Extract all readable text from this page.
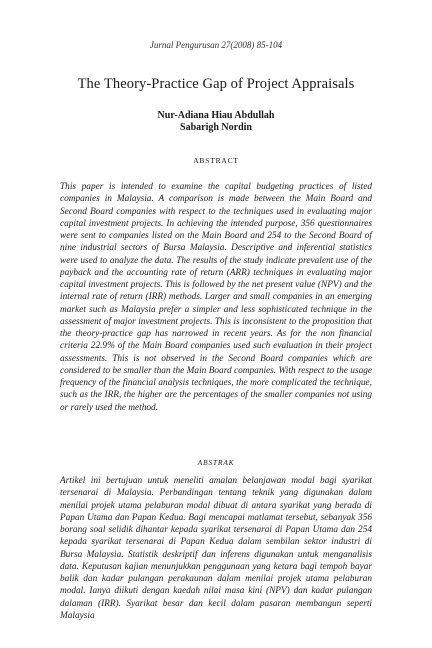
Jurnal Pengurusan 27(2008) 85-104
The Theory-Practice Gap of Project Appraisals
Nur-Adiana Hiau Abdullah
Sabarigh Nordin
ABSTRACT

This paper is intended to examine the capital budgeting practices of listed companies in Malaysia. A comparison is made between the Main Board and Second Board companies with respect to the techniques used in evaluating major capital investment projects. In achieving the intended purpose, 356 questionnaires were sent to companies listed on the Main Board and 254 to the Second Board of nine industrial sectors of Bursa Malaysia. Descriptive and inferential statistics were used to analyze the data. The results of the study indicate prevalent use of the payback and the accounting rate of return (ARR) techniques in evaluating major capital investment projects. This is followed by the net present value (NPV) and the internal rate of return (IRR) methods. Larger and small companies in an emerging market such as Malaysia prefer a simpler and less sophisticated technique in the assessment of major investment projects. This is inconsistent to the proposition that the theory-practice gap has narrowed in recent years. As for the non financial criteria 22.9% of the Main Board companies used such evaluation in their project assessments. This is not observed in the Second Board companies which are considered to be smaller than the Main Board companies. With respect to the usage frequency of the financial analysis techniques, the more complicated the technique, such as the IRR, the higher are the percentages of the smaller companies not using or rarely used the method.

ABSTRAK

Artikel ini bertujuan untuk meneliti amalan belanjawan modal bagi syarikat tersenarai di Malaysia. Perbandingan tentang teknik yang digunakan dalam menilai projek utama pelaburan modal dibuat di antara syarikat yang berada di Papan Utama dan Papan Kedua. Bagi mencapai matlamat tersebut, sebanyak 356 borang soal selidik dihantar kepada syarikat tersenarai di Papan Utama dan 254 kepada syarikat tersenarai di Papan Kedua dalam sembilan sektor industri di Bursa Malaysia. Statistik deskriptif dan inferens digunakan untuk menganalisis data. Keputusan kajian menunjukkan penggunaan yang ketara bagi tempoh bayar balik dan kadar pulangan perakaunan dalam menilai projek utama pelaburan modal. Ianya diikuti dengan kaedah nilai masa kini (NPV) dan kadar pulangan dalaman (IRR). Syarikat besar dan kecil dalam pasaran membangun seperti Malaysia
